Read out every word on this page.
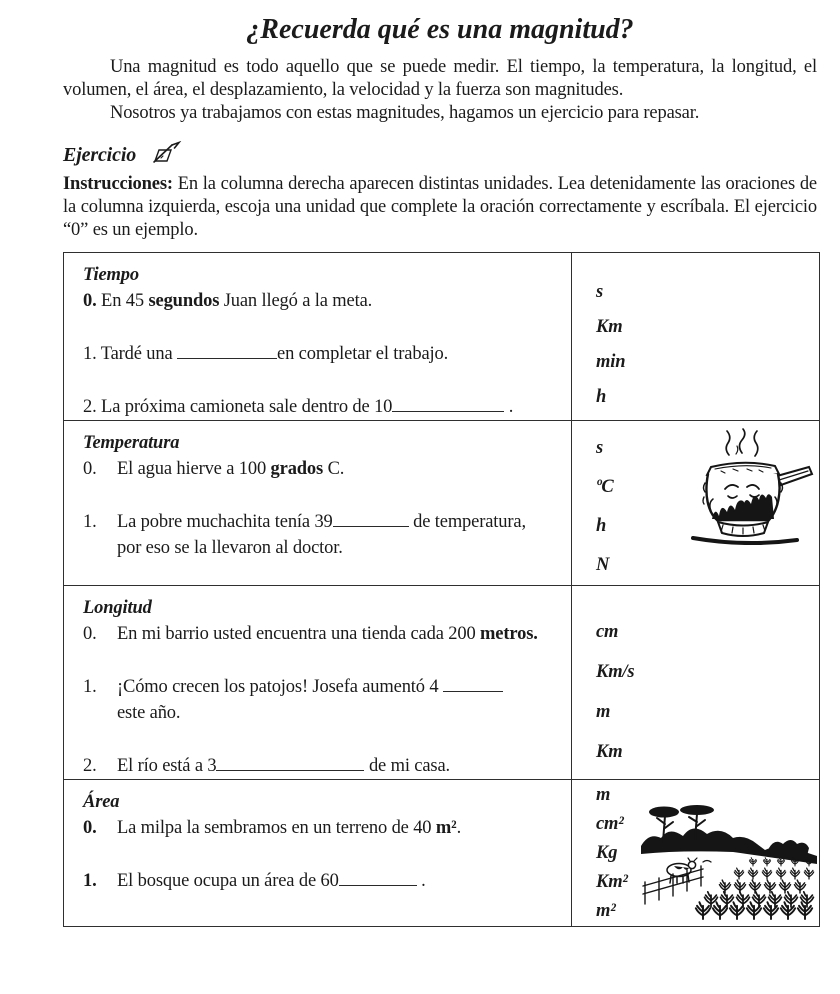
¿Recuerda qué es una magnitud?

Una magnitud es todo aquello que se puede medir. El tiempo, la temperatura, la longitud, el volumen, el área, el desplazamiento, la velocidad y la fuerza son magnitudes.

Nosotros ya trabajamos con estas magnitudes, hagamos un ejercicio para repasar.

Ejercicio

Instrucciones: En la columna derecha aparecen distintas unidades. Lea detenidamente las oraciones de la columna izquierda, escoja una unidad que complete la oración correctamente y escríbala. El ejercicio “0” es un ejemplo.

Tiempo
0. En 45 segundos Juan llegó a la meta.
1. Tardé una	en completar el trabajo.
2. La próxima camioneta sale dentro de 10	.

s
Km
min
h

Temperatura
0.	El agua hierve a 100 grados C.
1.	La pobre muchachita tenía 39	de temperatura,
por eso se la llevaron al doctor.

s
ºC
h
N

Longitud
0.	En mi barrio usted encuentra una tienda cada 200 metros.
1.	¡Cómo crecen los patojos! Josefa aumentó 4
este año.
2.	El río está a 3	de mi casa.

cm
Km/s
m
Km

Área
0.	La milpa la sembramos en un terreno de 40 m².
1.	El bosque ocupa un área de 60	.

m
cm²
Kg
Km²
m²
